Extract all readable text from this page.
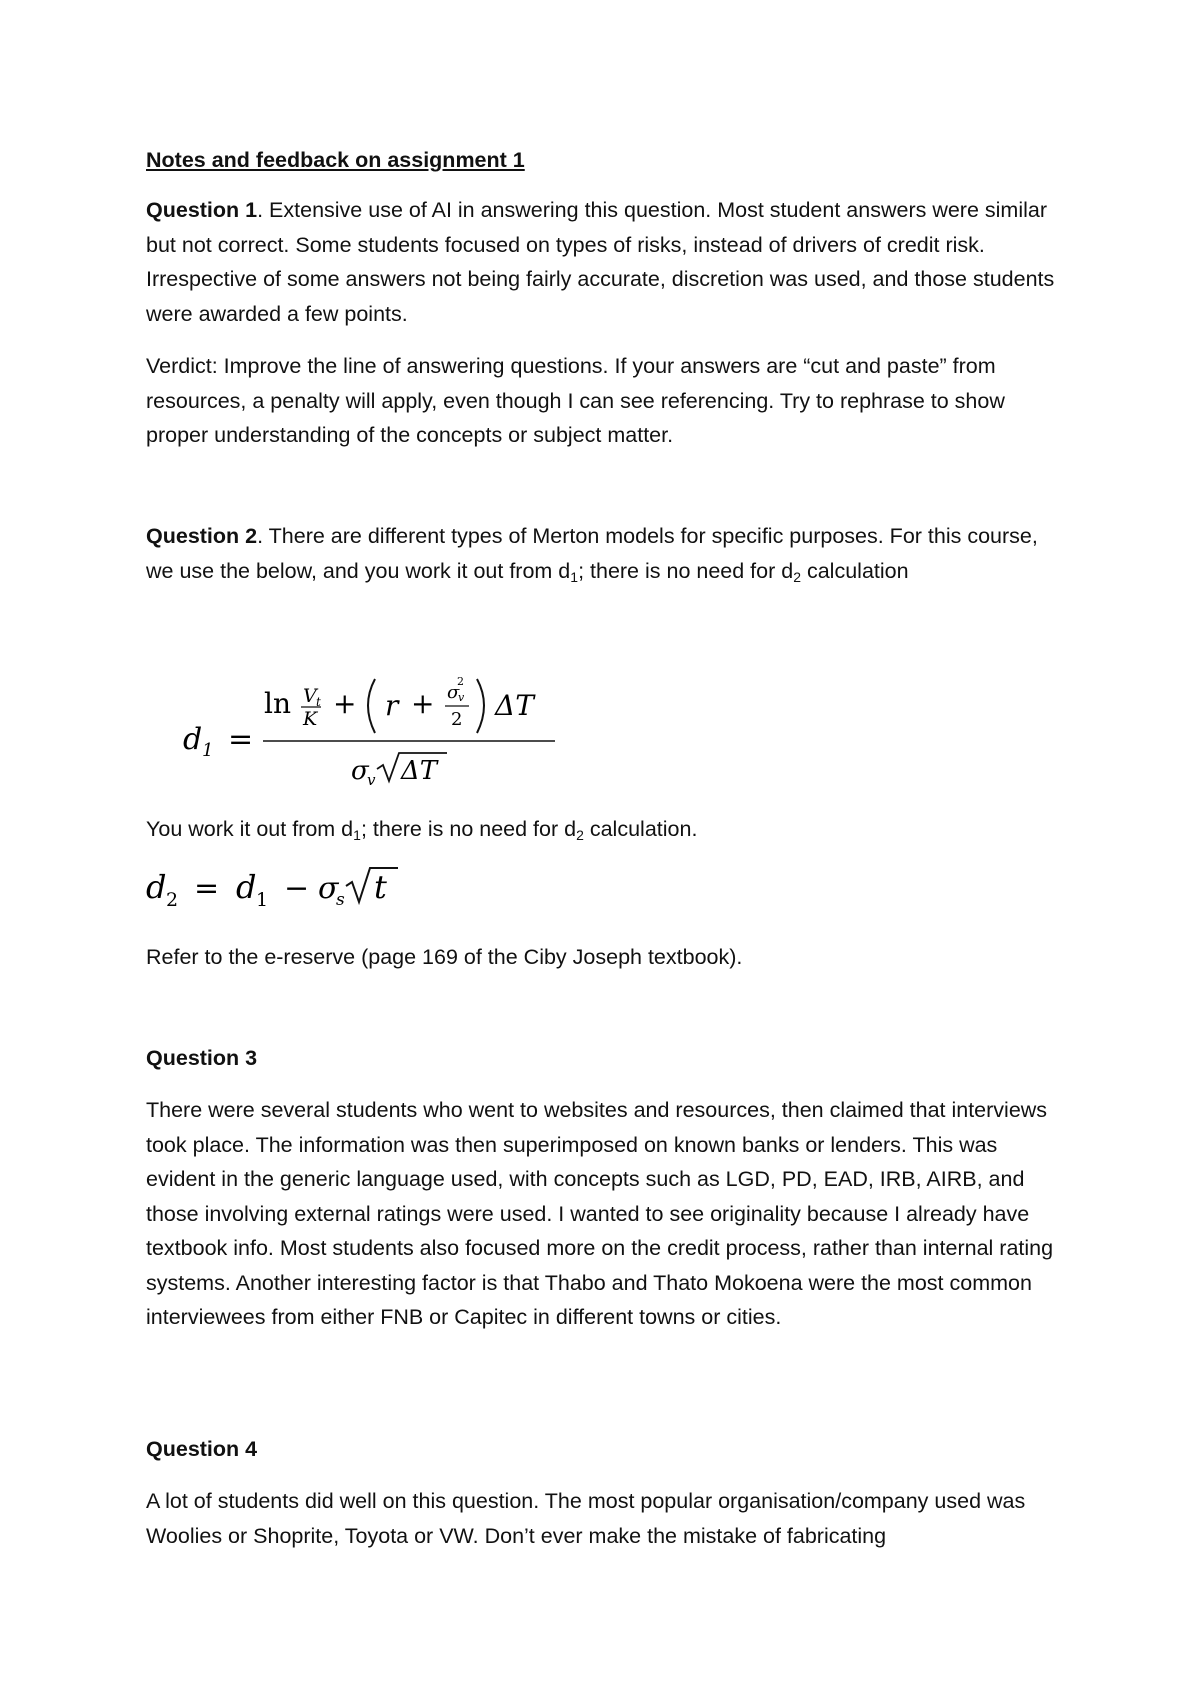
Notes and feedback on assignment 1

Question 1. Extensive use of AI in answering this question. Most student answers were similar but not correct. Some students focused on types of risks, instead of drivers of credit risk. Irrespective of some answers not being fairly accurate, discretion was used, and those students were awarded a few points.

Verdict: Improve the line of answering questions. If your answers are “cut and paste” from resources, a penalty will apply, even though I can see referencing. Try to rephrase to show proper understanding of the concepts or subject matter.

Question 2. There are different types of Merton models for specific purposes. For this course, we use the below, and you work it out from $d_1$; there is no need for $d_2$ calculation

d 1 =
ln V t
K + r + σ
v
2
2 ΔT
σ
v ΔT

You work it out from $d_1$; there is no need for $d_2$ calculation.

d 2 = d 1 − σ
s t
Refer to the e-reserve (page 169 of the Ciby Joseph textbook).
Question 3
There were several students who went to websites and resources, then claimed that interviews took place. The information was then superimposed on known banks or lenders. This was evident in the generic language used, with concepts such as LGD, PD, EAD, IRB, AIRB, and those involving external ratings were used. I wanted to see originality because I already have textbook info. Most students also focused more on the credit process, rather than internal rating systems. Another interesting factor is that Thabo and Thato Mokoena were the most common interviewees from either FNB or Capitec in different towns or cities.
Question 4
A lot of students did well on this question. The most popular organisation/company used was Woolies or Shoprite, Toyota or VW. Don’t ever make the mistake of fabricating
